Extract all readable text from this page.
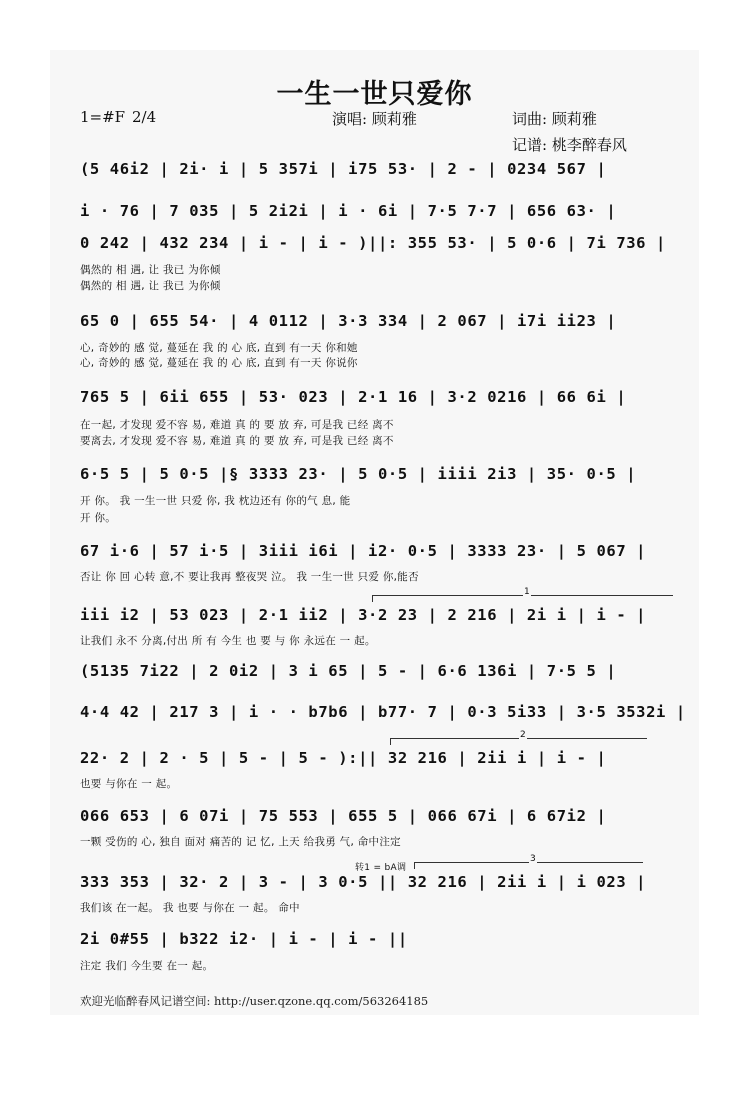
一生一世只爱你
1=#F 2/4	演唱: 顾莉雅	词曲: 顾莉雅
记谱: 桃李醉春风
(5 46i2 | 2i· i | 5 357i | i75 53· | 2 - | 0234 567 |
i · 76 | 7 035 | 5 2i2i | i · 6i | 7·5 7·7 | 656 63· |
0 242 | 432 234 | i - | i - )||: 355 53· | 5 0·6 | 7i 736 |
偶然的 相 遇, 让 我已 为你倾
偶然的 相 遇, 让 我已 为你倾
65 0 | 655 54· | 4 0112 | 3·3 334 | 2 067 | i7i ii23 |
心, 奇妙的 感 觉, 蔓延在 我 的 心 底, 直到 有一天 你和她
心, 奇妙的 感 觉, 蔓延在 我 的 心 底, 直到 有一天 你说你
765 5 | 6ii 655 | 53· 023 | 2·1 16 | 3·2 0216 | 66 6i |
在一起, 才发现 爱不容 易, 难道 真 的 要 放 弃, 可是我 已经 离不
要离去, 才发现 爱不容 易, 难道 真 的 要 放 弃, 可是我 已经 离不
6·5 5 | 5 0·5 |§ 3333 23· | 5 0·5 | iiii 2i3 | 35· 0·5 |
开 你。 我 一生一世 只爱 你, 我 枕边还有 你的气 息, 能
开 你。
67 i·6 | 57 i·5 | 3iii i6i | i2· 0·5 | 3333 23· | 5 067 |
否让 你 回 心转 意,不 要让我再 整夜哭 泣。 我 一生一世 只爱 你,能否
1
iii i2 | 53 023 | 2·1 ii2 | 3·2 23 | 2 216 | 2i i | i - |
让我们 永不 分离,付出 所 有 今生 也 要 与 你 永远在 一 起。
(5135 7i22 | 2 0i2 | 3 i 65 | 5 - | 6·6 136i | 7·5 5 |
4·4 42 | 217 3 | i · · b7b6 | b77· 7 | 0·3 5i33 | 3·5 3532i |
2
22· 2 | 2 · 5 | 5 - | 5 - ):|| 32 216 | 2ii i | i - |
也要 与你在 一 起。
066 653 | 6 07i | 75 553 | 655 5 | 066 67i | 6 67i2 |
一颗 受伤的 心, 独自 面对 痛苦的 记 忆, 上天 给我勇 气, 命中注定
转1 = bA调
3
333 353 | 32· 2 | 3 - | 3 0·5 || 32 216 | 2ii i | i 023 |
我们该 在一起。 我 也要 与你在 一 起。 命中
2i 0#55 | b322 i2· | i - | i - ||
注定 我们 今生要 在一 起。
欢迎光临醉春风记谱空间: http://user.qzone.qq.com/563264185
